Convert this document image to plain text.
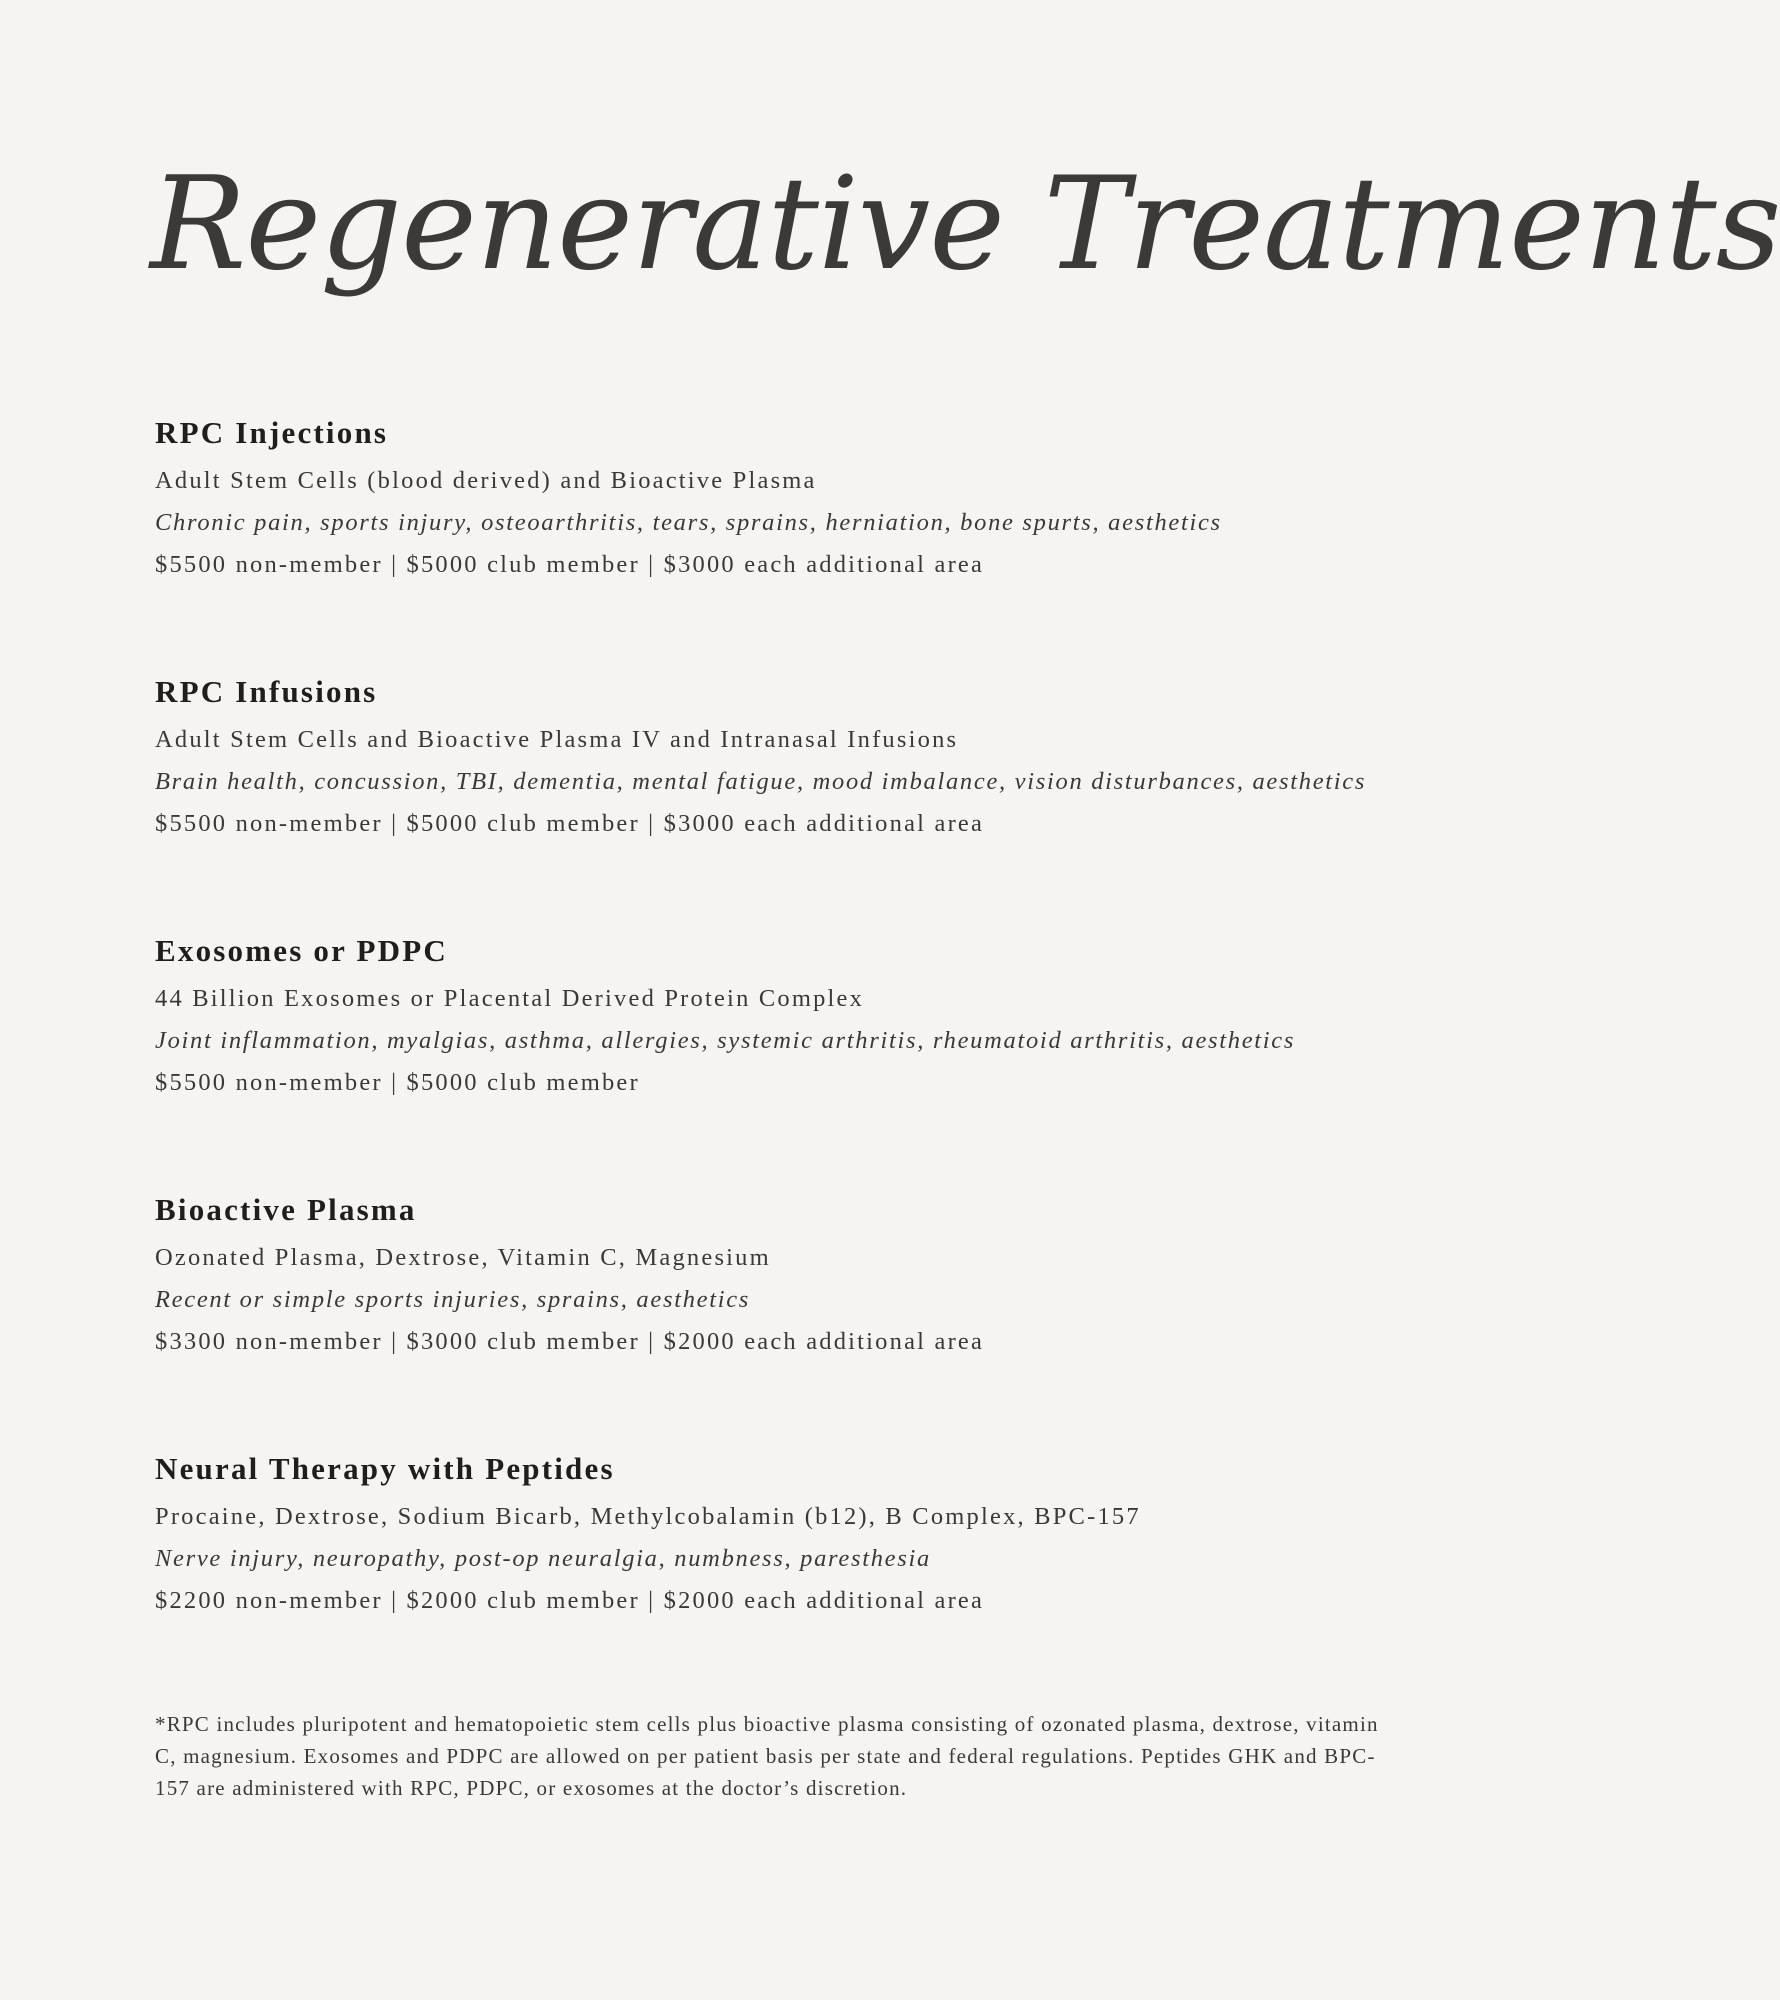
Regenerative Treatments
RPC Injections
Adult Stem Cells (blood derived) and Bioactive Plasma
Chronic pain, sports injury, osteoarthritis, tears, sprains, herniation, bone spurts, aesthetics
$5500 non-member | $5000 club member | $3000 each additional area
RPC Infusions
Adult Stem Cells and Bioactive Plasma IV and Intranasal Infusions
Brain health, concussion, TBI, dementia, mental fatigue, mood imbalance, vision disturbances, aesthetics
$5500 non-member | $5000 club member | $3000 each additional area
Exosomes or PDPC
44 Billion Exosomes or Placental Derived Protein Complex
Joint inflammation, myalgias, asthma, allergies, systemic arthritis, rheumatoid arthritis, aesthetics
$5500 non-member | $5000 club member
Bioactive Plasma
Ozonated Plasma, Dextrose, Vitamin C, Magnesium
Recent or simple sports injuries, sprains, aesthetics
$3300 non-member | $3000 club member | $2000 each additional area
Neural Therapy with Peptides
Procaine, Dextrose, Sodium Bicarb, Methylcobalamin (b12), B Complex, BPC-157
Nerve injury, neuropathy, post-op neuralgia, numbness, paresthesia
$2200 non-member | $2000 club member | $2000 each additional area

*RPC includes pluripotent and hematopoietic stem cells plus bioactive plasma consisting of ozonated plasma, dextrose, vitamin C, magnesium. Exosomes and PDPC are allowed on per patient basis per state and federal regulations. Peptides GHK and BPC-157 are administered with RPC, PDPC, or exosomes at the doctor’s discretion.
